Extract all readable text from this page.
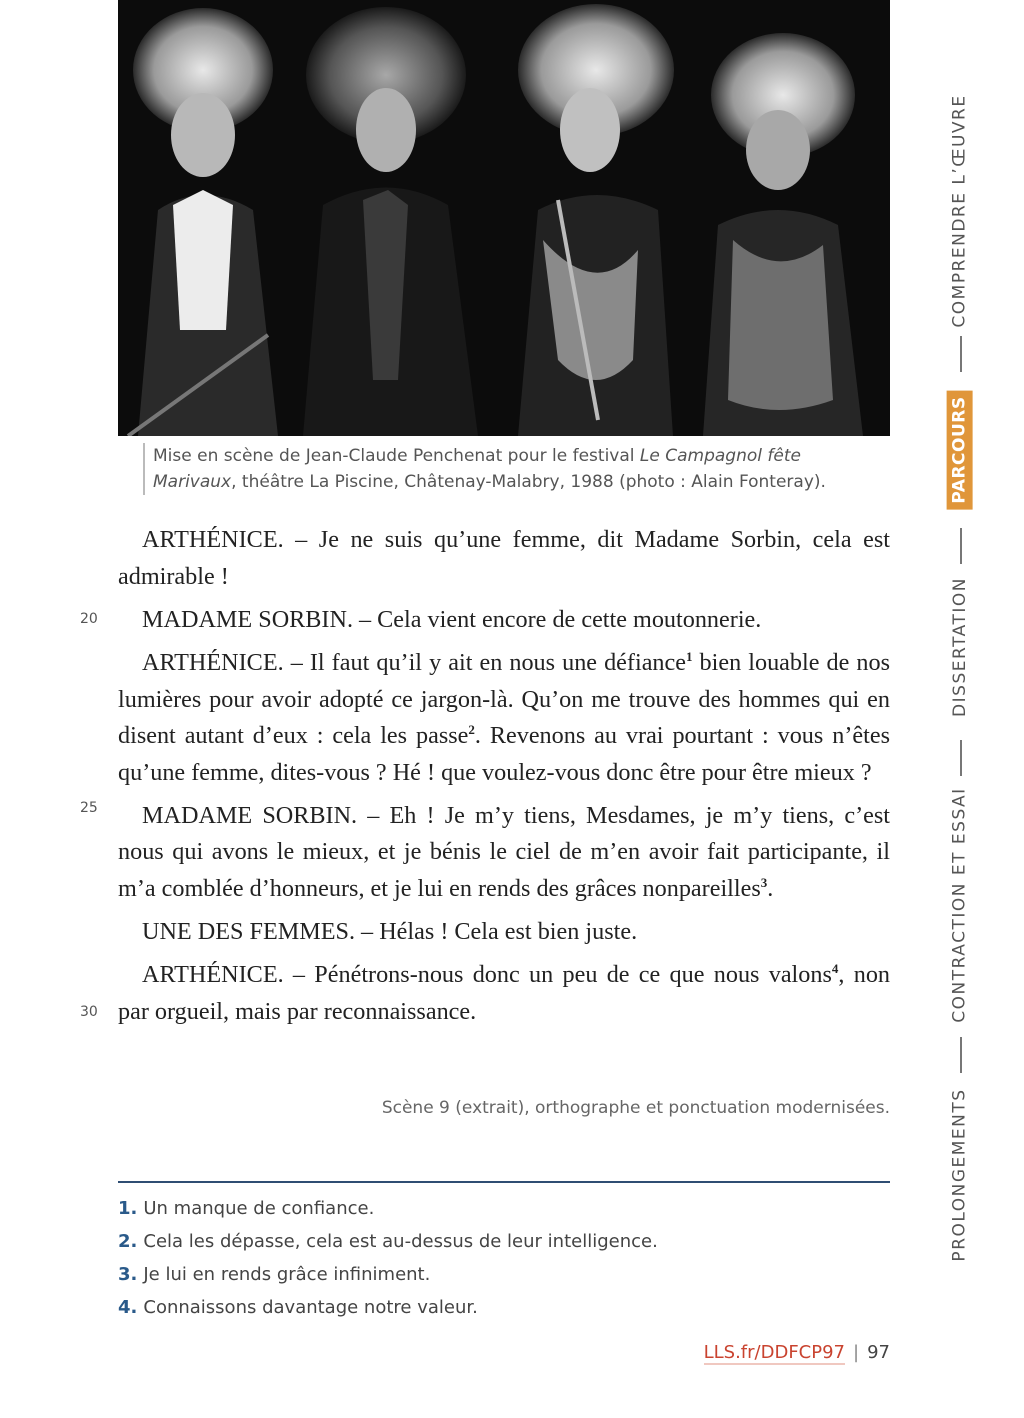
Mise en scène de Jean-Claude Penchenat pour le festival Le Campagnol fête Marivaux, théâtre La Piscine, Châtenay-Malabry, 1988 (photo : Alain Fonteray).

ARTHÉNICE. – Je ne suis qu’une femme, dit Madame Sorbin, cela est admirable !

MADAME SORBIN. – Cela vient encore de cette moutonnerie.

ARTHÉNICE. – Il faut qu’il y ait en nous une défiance$^1$ bien louable de nos lumières pour avoir adopté ce jargon-là. Qu’on me trouve des hommes qui en disent autant d’eux : cela les passe$^2$. Revenons au vrai pourtant : vous n’êtes qu’une femme, dites-vous ? Hé ! que voulez-vous donc être pour être mieux ?

MADAME SORBIN. – Eh ! Je m’y tiens, Mesdames, je m’y tiens, c’est nous qui avons le mieux, et je bénis le ciel de m’en avoir fait participante, il m’a comblée d’honneurs, et je lui en rends des grâces nonpareilles$^3$.

UNE DES FEMMES. – Hélas ! Cela est bien juste.

ARTHÉNICE. – Pénétrons-nous donc un peu de ce que nous valons$^4$, non par orgueil, mais par reconnaissance.

20
25
30
Scène 9 (extrait), orthographe et ponctuation modernisées.
1. Un manque de confiance.
2. Cela les dépasse, cela est au-dessus de leur intelligence.
3. Je lui en rends grâce infiniment.
4. Connaissons davantage notre valeur.
LLS.fr/DDFCP97 | 97
COMPRENDRE L’ŒUVRE
PARCOURS
DISSERTATION
CONTRACTION ET ESSAI
PROLONGEMENTS
